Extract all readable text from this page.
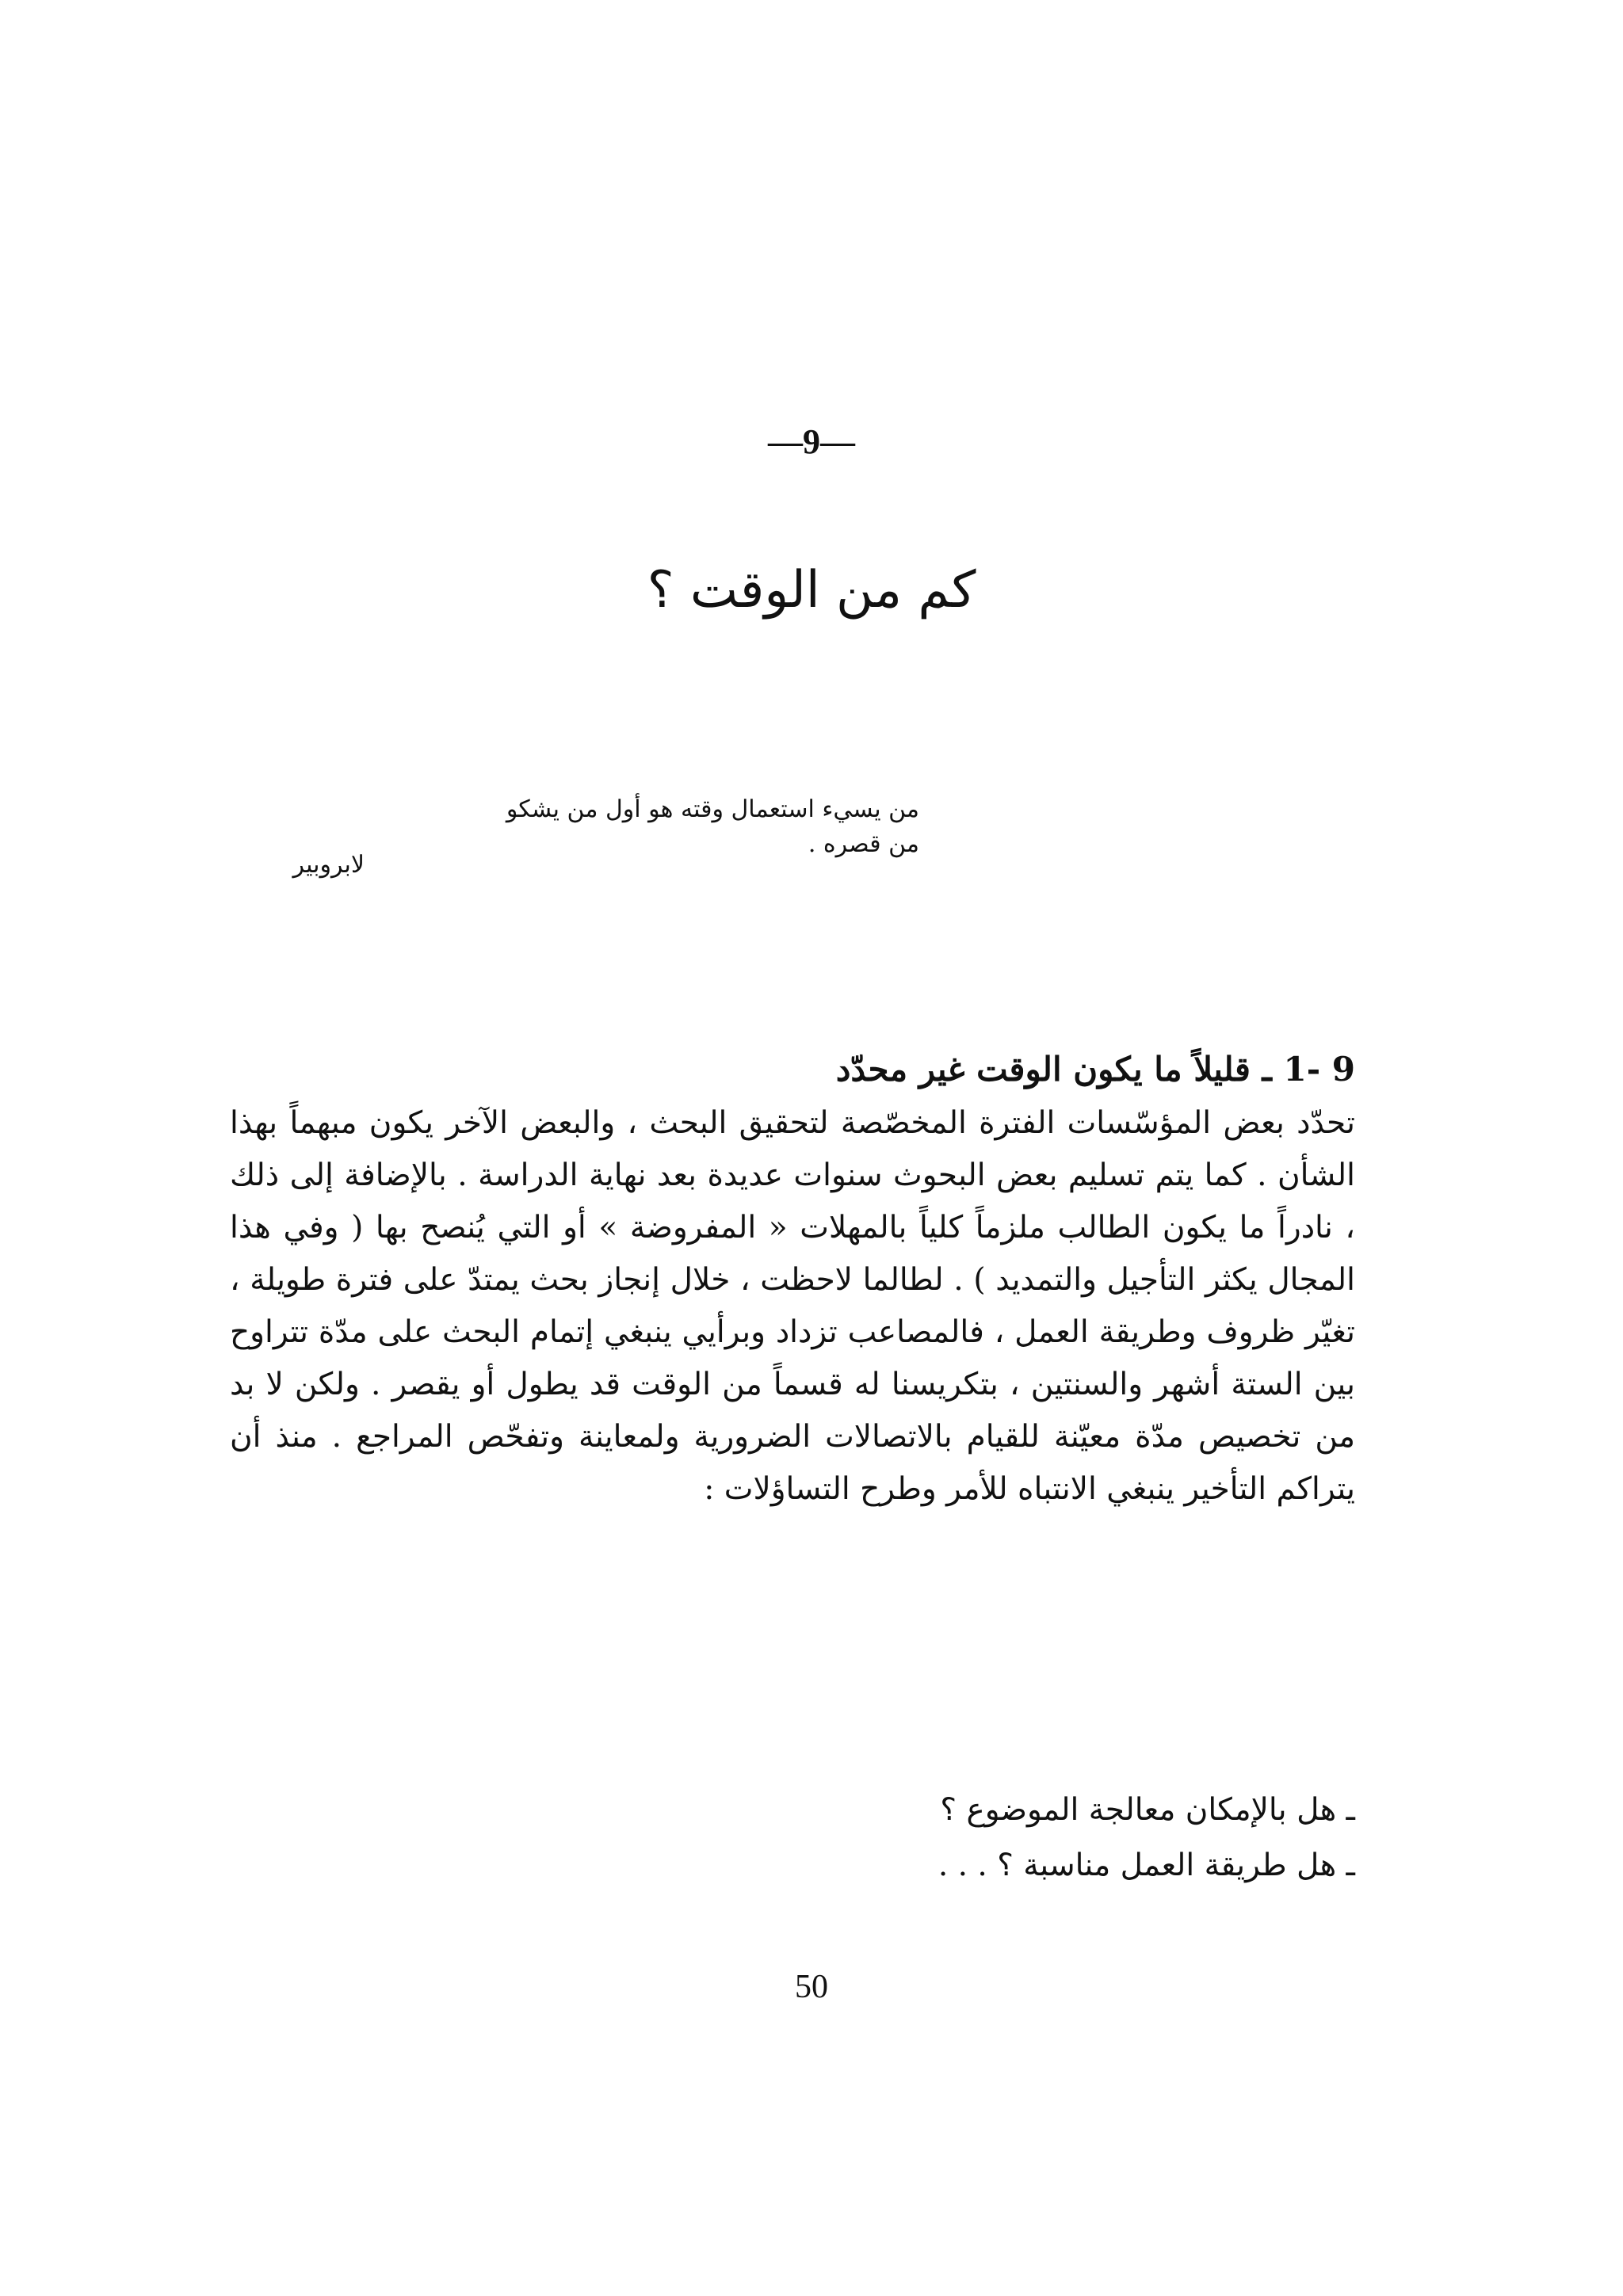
—9—
كم من الوقت ؟
من يسيء استعمال وقته هو أول من يشكو من قصره .
لابروبير
9 -1 ـ قليلاً ما يكون الوقت غير محدّد
تحدّد بعض المؤسّسات الفترة المخصّصة لتحقيق البحث ، والبعض الآخر يكون مبهماً بهذا الشأن . كما يتم تسليم بعض البحوث سنوات عديدة بعد نهاية الدراسة . بالإضافة إلى ذلك ، نادراً ما يكون الطالب ملزماً كلياً بالمهلات « المفروضة » أو التي يُنصح بها ( وفي هذا المجال يكثر التأجيل والتمديد ) . لطالما لاحظت ، خلال إنجاز بحث يمتدّ على فترة طويلة ، تغيّر ظروف وطريقة العمل ، فالمصاعب تزداد وبرأيي ينبغي إتمام البحث على مدّة تتراوح بين الستة أشهر والسنتين ، بتكريسنا له قسماً من الوقت قد يطول أو يقصر . ولكن لا بد من تخصيص مدّة معيّنة للقيام بالاتصالات الضرورية ولمعاينة وتفحّص المراجع . منذ أن يتراكم التأخير ينبغي الانتباه للأمر وطرح التساؤلات :
ـ هل بالإمكان معالجة الموضوع ؟
ـ هل طريقة العمل مناسبة ؟ . . .
50
